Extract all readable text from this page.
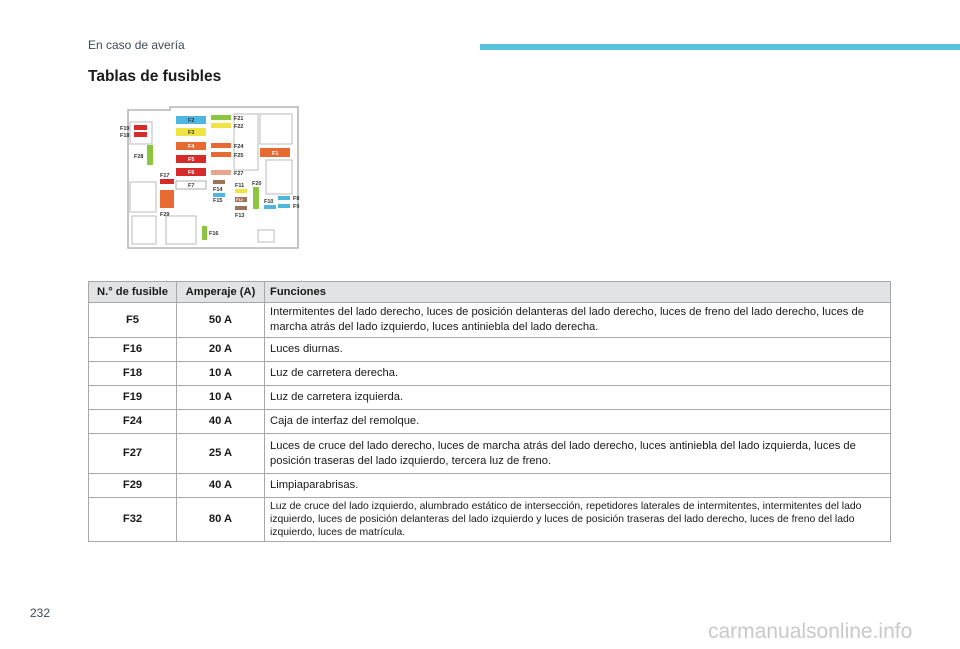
En caso de avería
Tablas de fusibles
F19
F18
F28
F17
F29
F2
F3
F4
F5
F6
F7
F21
F22
F24
F25
F27
F1
F14
F15
F11
F12
F13
F20
F10	F8
F9
F16
N.° de fusible	Amperaje (A)	Funciones
F5	50 A	Intermitentes del lado derecho, luces de posición delanteras del lado derecho, luces de freno del lado derecho, luces de marcha atrás del lado izquierdo, luces antiniebla del lado derecha.
F16	20 A	Luces diurnas.
F18	10 A	Luz de carretera derecha.
F19	10 A	Luz de carretera izquierda.
F24	40 A	Caja de interfaz del remolque.
F27	25 A	Luces de cruce del lado derecho, luces de marcha atrás del lado derecho, luces antiniebla del lado izquierda, luces de posición traseras del lado izquierdo, tercera luz de freno.
F29	40 A	Limpiaparabrisas.
F32	80 A	Luz de cruce del lado izquierdo, alumbrado estático de intersección, repetidores laterales de intermitentes, intermitentes del lado izquierdo, luces de posición delanteras del lado izquierdo y luces de posición traseras del lado derecho, luces de freno del lado izquierdo, luces de matrícula.
232
carmanualsonline.info
